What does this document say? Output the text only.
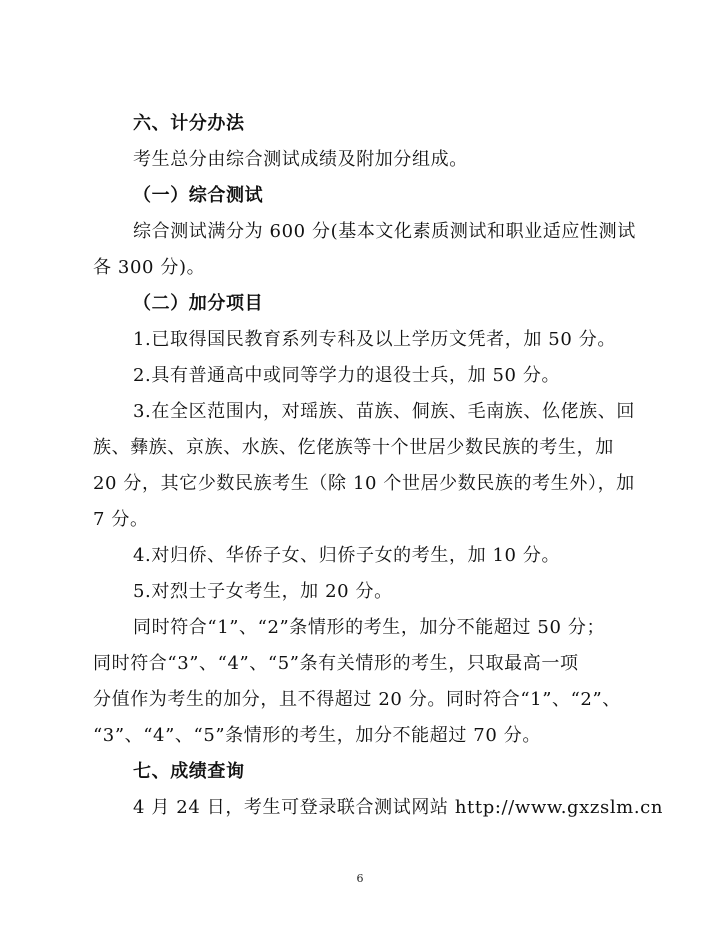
六、计分办法

考生总分由综合测试成绩及附加分组成。

（一）综合测试

综合测试满分为 600 分(基本文化素质测试和职业适应性测试

各 300 分)。

（二）加分项目

1.已取得国民教育系列专科及以上学历文凭者，加 50 分。

2.具有普通高中或同等学力的退役士兵，加 50 分。

3.在全区范围内，对瑶族、苗族、侗族、毛南族、仫佬族、回

族、彝族、京族、水族、仡佬族等十个世居少数民族的考生，加

20 分，其它少数民族考生（除 10 个世居少数民族的考生外），加

7 分。

4.对归侨、华侨子女、归侨子女的考生，加 10 分。

5.对烈士子女考生，加 20 分。

同时符合“1”、“2”条情形的考生，加分不能超过 50 分；

同时符合“3”、“4”、“5”条有关情形的考生，只取最高一项

分值作为考生的加分，且不得超过 20 分。同时符合“1”、“2”、

“3”、“4”、“5”条情形的考生，加分不能超过 70 分。

七、成绩查询

4 月 24 日，考生可登录联合测试网站 http://www.gxzslm.cn

6
